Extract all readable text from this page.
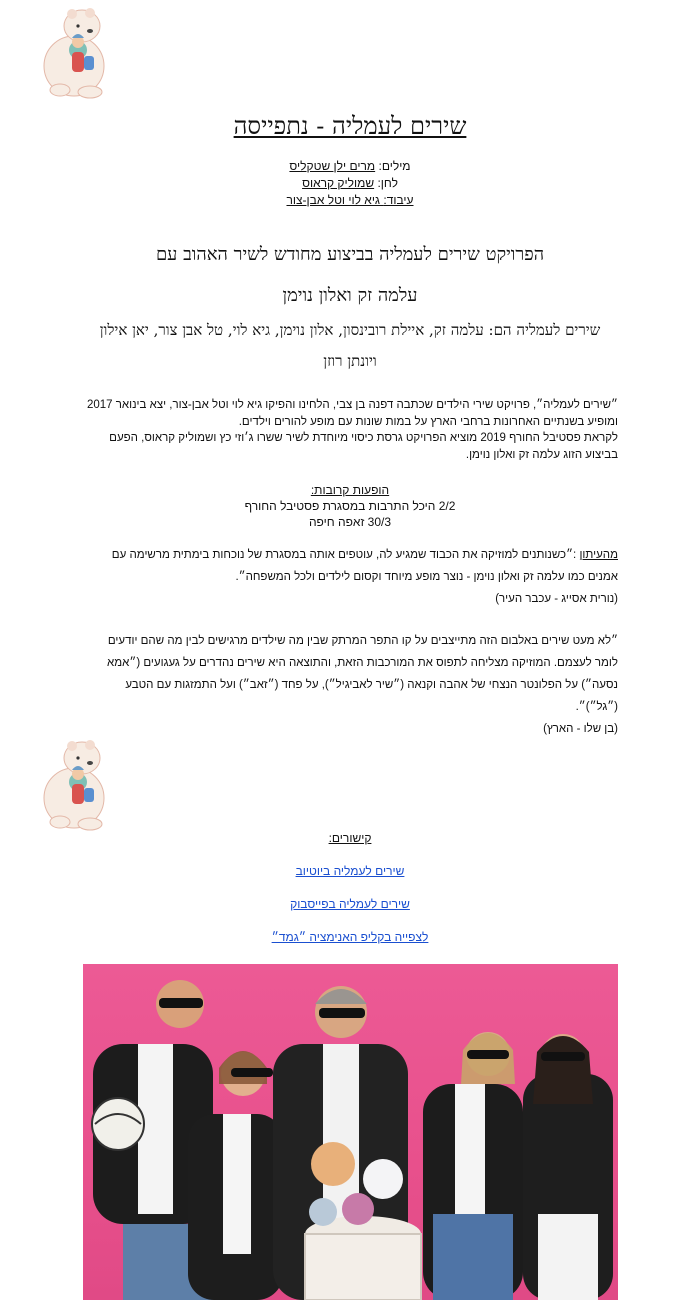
שירים לעמליה - נתפייסה
מילים: מרים ילן שטקליס
לחן: שמוליק קראוס
עיבוד: גיא לוי וטל אבן-צור
הפרויקט שירים לעמליה בביצוע מחודש לשיר האהוב עם
עלמה זק ואלון נוימן
שירים לעמליה הם: עלמה זק, איילת רובינסון, אלון נוימן, גיא לוי, טל אבן צור, יאן אילון
ויונתן רוזן
״שירים לעמליה״, פרויקט שירי הילדים שכתבה דפנה בן צבי, הלחינו והפיקו גיא לוי וטל אבן-צור, יצא בינואר 2017 ומופיע בשנתיים האחרונות ברחבי הארץ על במות שונות עם מופע להורים וילדים.
לקראת פסטיבל החורף 2019 מוציא הפרויקט גרסת כיסוי מיוחדת לשיר ששרו ג׳וזי כץ ושמוליק קראוס, הפעם בביצוע הזוג עלמה זק ואלון נוימן.
הופעות קרובות:
2/2 היכל התרבות במסגרת פסטיבל החורף
30/3 זאפה חיפה
מהעיתון :״כשנותנים למוזיקה את הכבוד שמגיע לה, עוטפים אותה במסגרת של נוכחות בימתית מרשימה עם אמנים כמו עלמה זק ואלון נוימן - נוצר מופע מיוחד וקסום לילדים ולכל המשפחה״.
(נורית אסייג - עכבר העיר)
״לא מעט שירים באלבום הזה מתייצבים על קו התפר המרתק שבין מה שילדים מרגישים לבין מה שהם יודעים לומר לעצמם. המוזיקה מצליחה לתפוס את המורכבות הזאת, והתוצאה היא שירים נהדרים על געגועים (״אמא נסעה״) על הפלונטר הנצחי של אהבה וקנאה (״שיר לאביגיל״), על פחד (״זאב״) ועל התמזגות עם הטבע (״גל״)״.
(בן שלו - הארץ)
קישורים:
שירים לעמליה ביוטיוב
שירים לעמליה בפייסבוק
לצפייה בקליפ האנימציה ״גמד״
